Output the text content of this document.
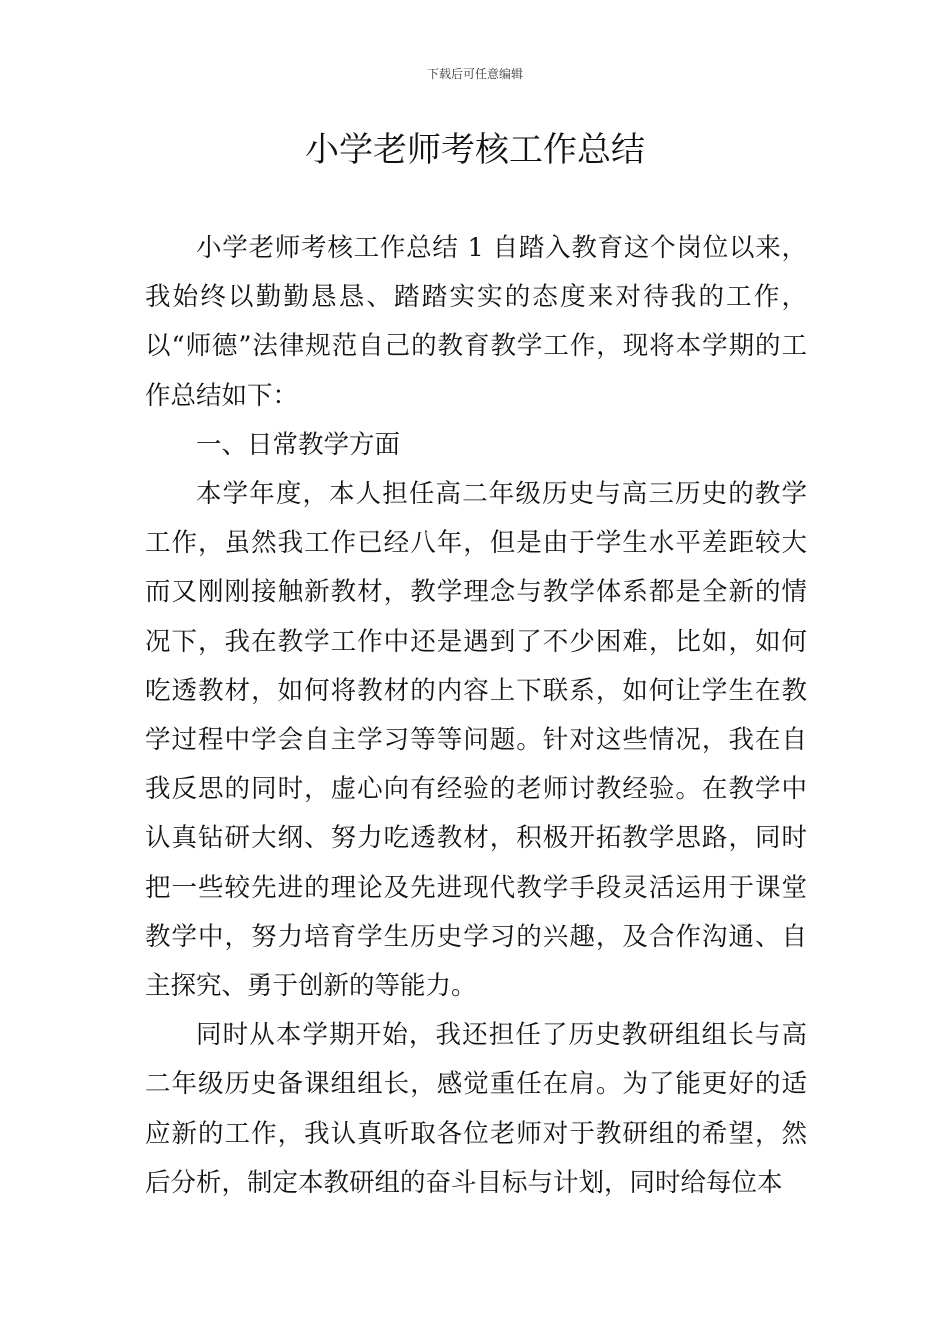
下载后可任意编辑
小学老师考核工作总结

小学老师考核工作总结 1 自踏入教育这个岗位以来，我始终以勤勤恳恳、踏踏实实的态度来对待我的工作，以“师德”法律规范自己的教育教学工作，现将本学期的工作总结如下：

一、日常教学方面

本学年度，本人担任高二年级历史与高三历史的教学工作，虽然我工作已经八年，但是由于学生水平差距较大而又刚刚接触新教材，教学理念与教学体系都是全新的情况下，我在教学工作中还是遇到了不少困难，比如，如何吃透教材，如何将教材的内容上下联系，如何让学生在教学过程中学会自主学习等等问题。针对这些情况，我在自我反思的同时，虚心向有经验的老师讨教经验。在教学中认真钻研大纲、努力吃透教材，积极开拓教学思路，同时把一些较先进的理论及先进现代教学手段灵活运用于课堂教学中，努力培育学生历史学习的兴趣，及合作沟通、自主探究、勇于创新的等能力。

同时从本学期开始，我还担任了历史教研组组长与高二年级历史备课组组长，感觉重任在肩。为了能更好的适应新的工作，我认真听取各位老师对于教研组的希望，然后分析，制定本教研组的奋斗目标与计划，同时给每位本
